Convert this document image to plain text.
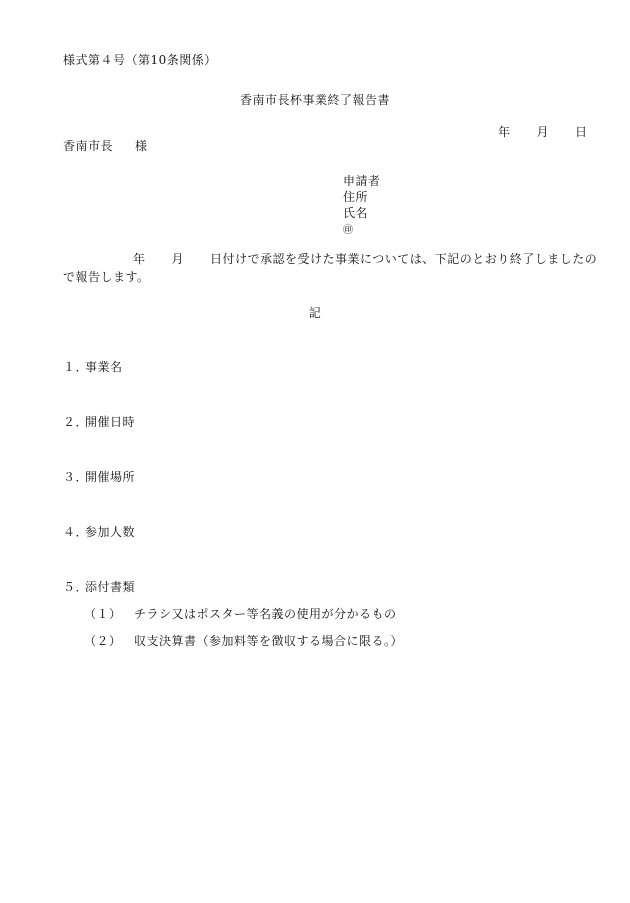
様式第４号（第10条関係）
香南市長杯事業終了報告書
年 月 日
香南市長 様
申請者
住所
氏名
㊞
年 月 日付けで承認を受けた事業については、下記のとおり終了しましたので報告します。
記
１．事業名
２．開催日時
３．開催場所
４．参加人数
５．添付書類
（１） チラシ又はポスター等名義の使用が分かるもの
（２） 収支決算書（参加料等を徴収する場合に限る。）
